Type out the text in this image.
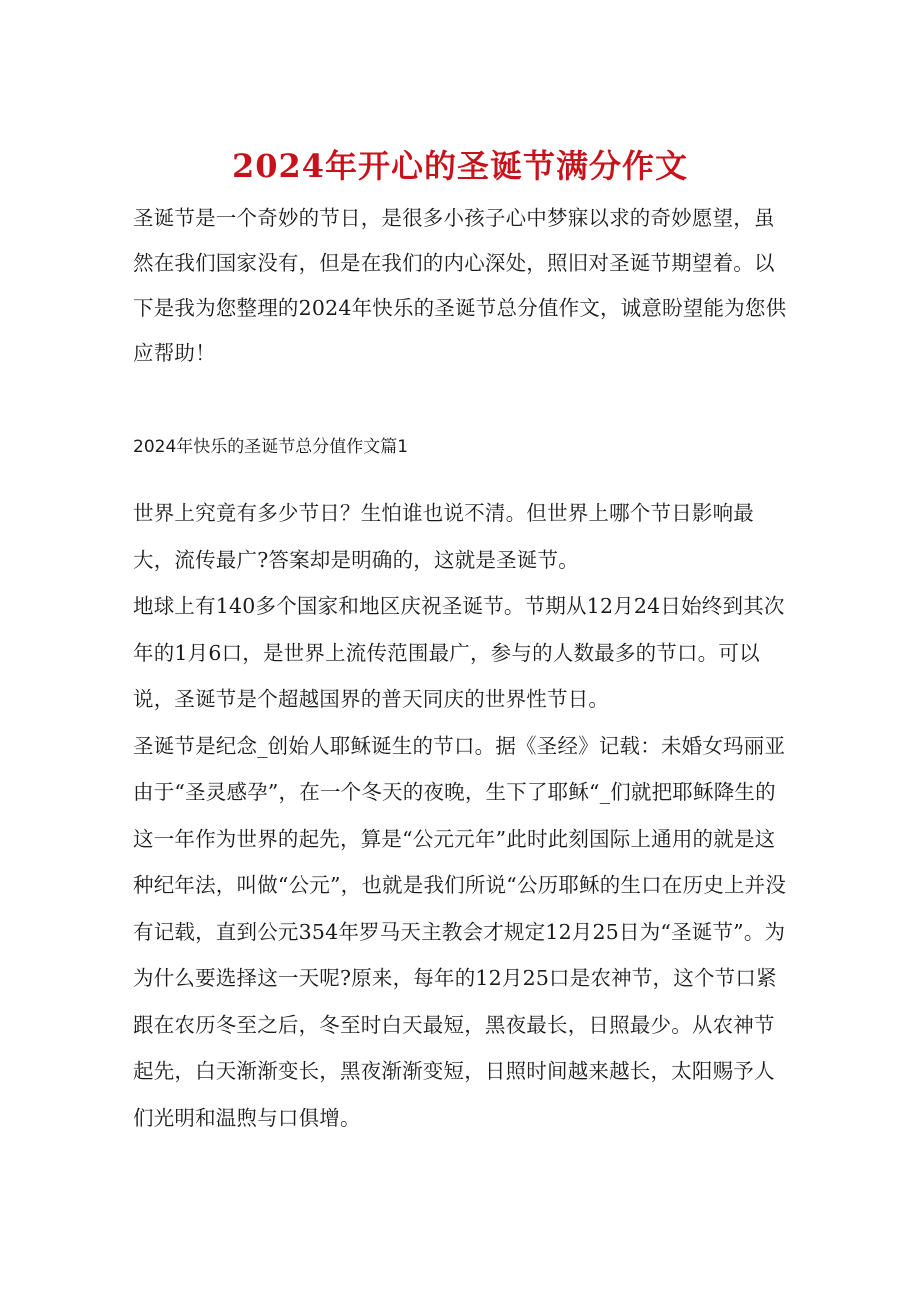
2024年开心的圣诞节满分作文
圣诞节是一个奇妙的节日，是很多小孩子心中梦寐以求的奇妙愿望，虽然在我们国家没有，但是在我们的内心深处，照旧对圣诞节期望着。以下是我为您整理的2024年快乐的圣诞节总分值作文，诚意盼望能为您供应帮助！
2024年快乐的圣诞节总分值作文篇1

世界上究竟有多少节日？生怕谁也说不清。但世界上哪个节日影响最大，流传最广?答案却是明确的，这就是圣诞节。

地球上有140多个国家和地区庆祝圣诞节。节期从12月24日始终到其次年的1月6口，是世界上流传范围最广，参与的人数最多的节口。可以说，圣诞节是个超越国界的普天同庆的世界性节日。

圣诞节是纪念_创始人耶稣诞生的节口。据《圣经》记载：未婚女玛丽亚由于“圣灵感孕”，在一个冬天的夜晚，生下了耶稣“_们就把耶稣降生的这一年作为世界的起先，算是“公元元年”此时此刻国际上通用的就是这种纪年法，叫做“公元”，也就是我们所说“公历耶稣的生口在历史上并没有记载，直到公元354年罗马天主教会才规定12月25日为“圣诞节”。为为什么要选择这一天呢?原来，每年的12月25口是农神节，这个节口紧跟在农历冬至之后，冬至时白天最短，黑夜最长，日照最少。从农神节起先，白天渐渐变长，黑夜渐渐变短，日照时间越来越长，太阳赐予人们光明和温煦与口俱增。
